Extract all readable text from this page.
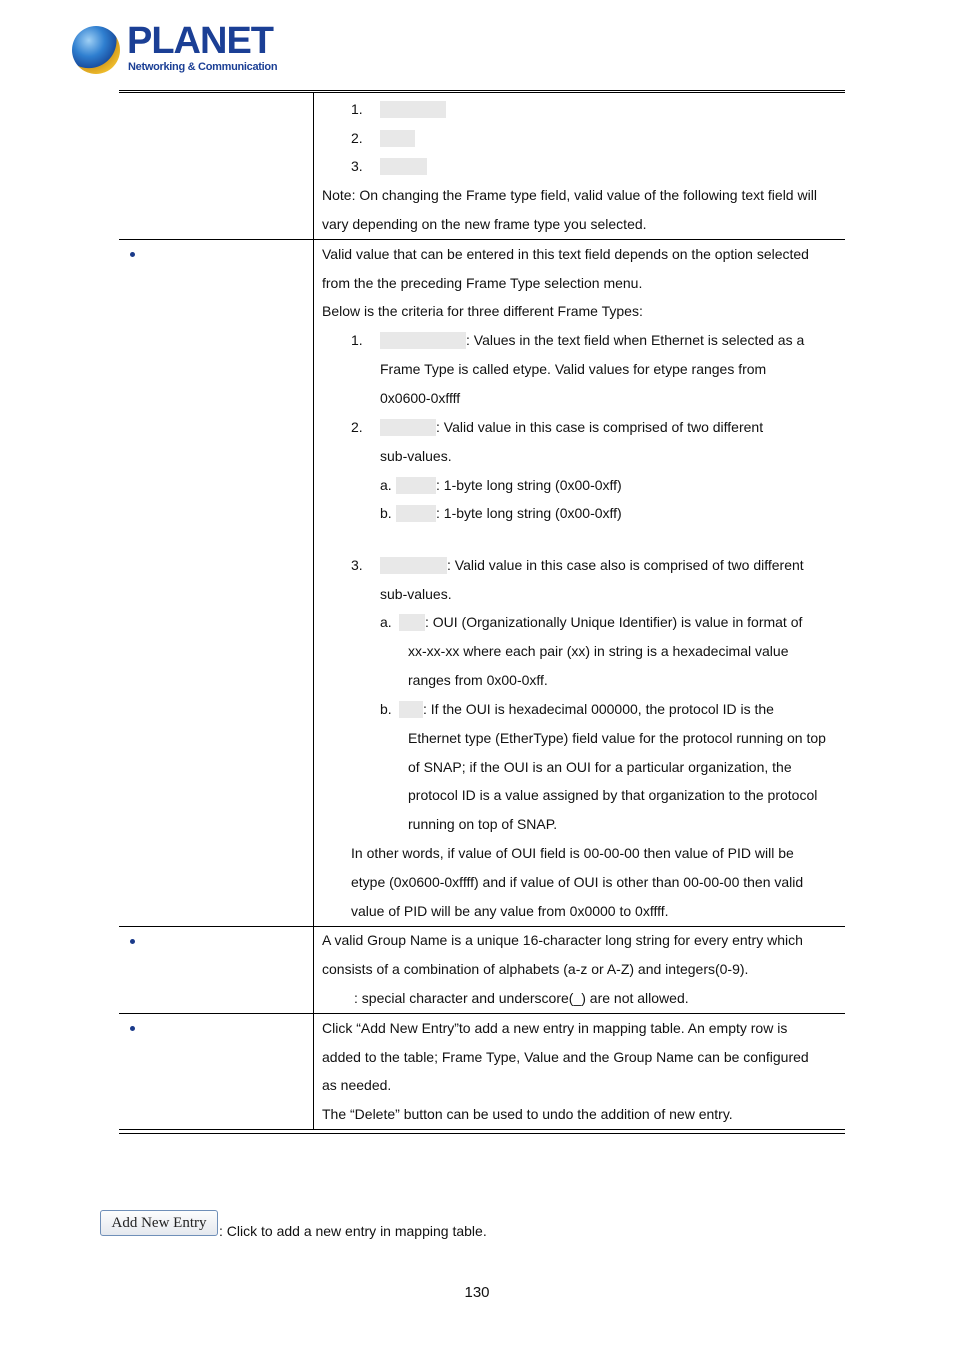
PLANET
Networking & Communication
1.
2.
3.
Note: On changing the Frame type field, valid value of the following text field will
vary depending on the new frame type you selected.
Valid value that can be entered in this text field depends on the option selected
from the the preceding Frame Type selection menu.
Below is the criteria for three different Frame Types:
1.	: Values in the text field when Ethernet is selected as a
Frame Type is called etype. Valid values for etype ranges from
0x0600-0xffff
2.	: Valid value in this case is comprised of two different
sub-values.
a.	: 1-byte long string (0x00-0xff)
b.	: 1-byte long string (0x00-0xff)
3.	: Valid value in this case also is comprised of two different
sub-values.
a. : OUI (Organizationally Unique Identifier) is value in format of
xx-xx-xx where each pair (xx) in string is a hexadecimal value
ranges from 0x00-0xff.
b. : If the OUI is hexadecimal 000000, the protocol ID is the
Ethernet type (EtherType) field value for the protocol running on top
of SNAP; if the OUI is an OUI for a particular organization, the
protocol ID is a value assigned by that organization to the protocol
running on top of SNAP.
In other words, if value of OUI field is 00-00-00 then value of PID will be
etype (0x0600-0xffff) and if value of OUI is other than 00-00-00 then valid
value of PID will be any value from 0x0000 to 0xffff.
A valid Group Name is a unique 16-character long string for every entry which
consists of a combination of alphabets (a-z or A-Z) and integers(0-9).
: special character and underscore(_) are not allowed.
Click “Add New Entry”to add a new entry in mapping table. An empty row is
added to the table; Frame Type, Value and the Group Name can be configured
as needed.
The “Delete” button can be used to undo the addition of new entry.
Add New Entry : Click to add a new entry in mapping table.
130
